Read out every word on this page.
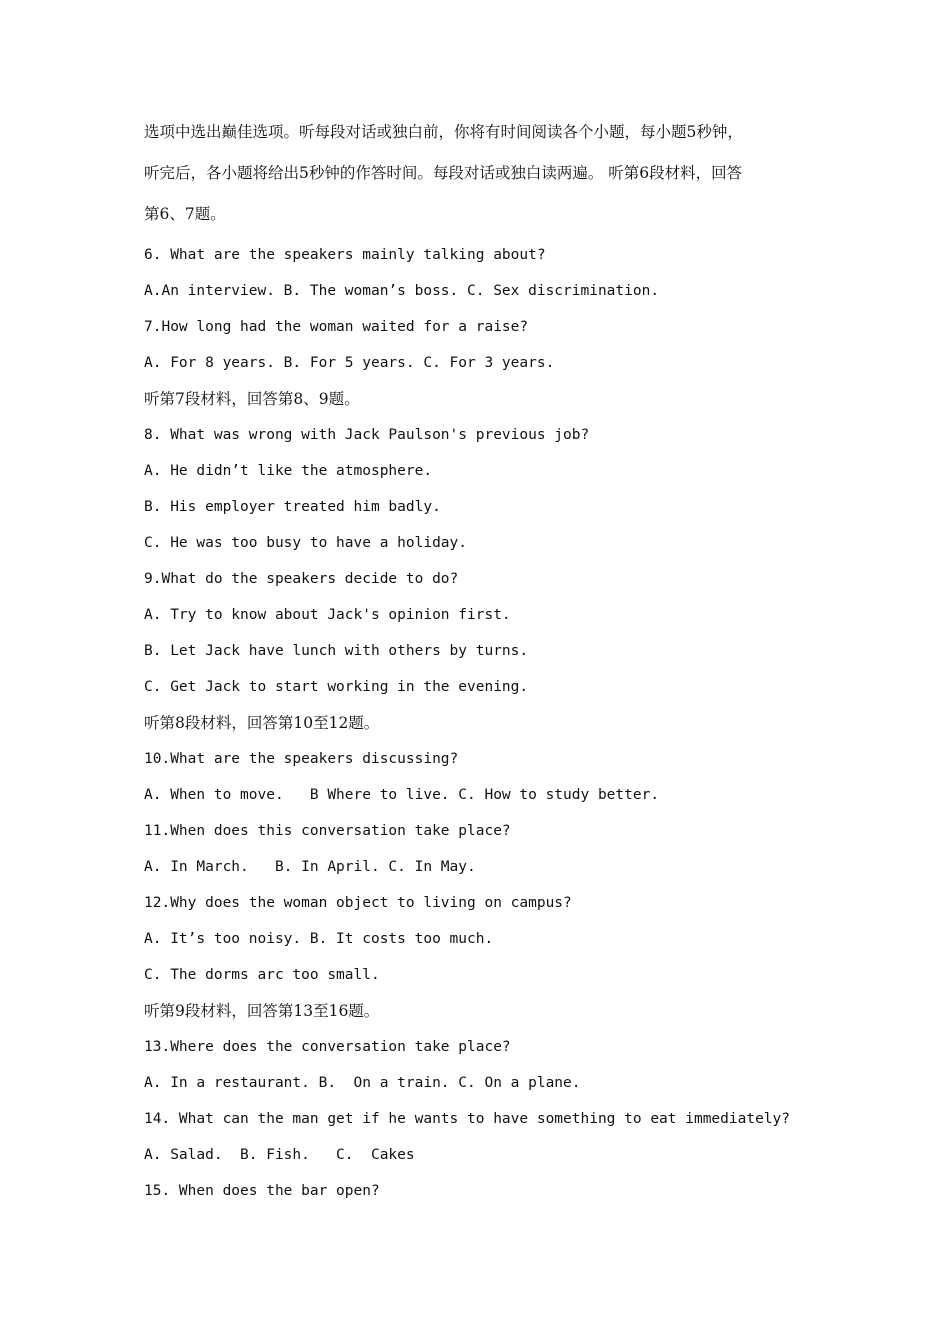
选项中选出巅佳选项。听每段对话或独白前，你将有时间阅读各个小题，每小题5秒钟，
听完后，各小题将给出5秒钟的作答时间。每段对话或独白读两遍。 听第6段材料，回答
第6、7题。
6. What are the speakers mainly talking about?
A.An interview. B. The woman’s boss. C. Sex discrimination.
7.How long had the woman waited for a raise?
A. For 8 years. B. For 5 years. C. For 3 years.
听第7段材料，回答第8、9题。
8. What was wrong with Jack Paulson's previous job?
A. He didn’t like the atmosphere.
B. His employer treated him badly.
C. He was too busy to have a holiday.
9.What do the speakers decide to do?
A. Try to know about Jack's opinion first.
B. Let Jack have lunch with others by turns.
C. Get Jack to start working in the evening.
听第8段材料，回答第10至12题。
10.What are the speakers discussing?
A. When to move.   B Where to live. C. How to study better.
11.When does this conversation take place?
A. In March.   B. In April. C. In May.
12.Why does the woman object to living on campus?
A. It’s too noisy. B. It costs too much.
C. The dorms arc too small.
听第9段材料，回答第13至16题。
13.Where does the conversation take place?
A. In a restaurant. B.  On a train. C. On a plane.
14. What can the man get if he wants to have something to eat immediately?
A. Salad.  B. Fish.   C.  Cakes
15. When does the bar open?
